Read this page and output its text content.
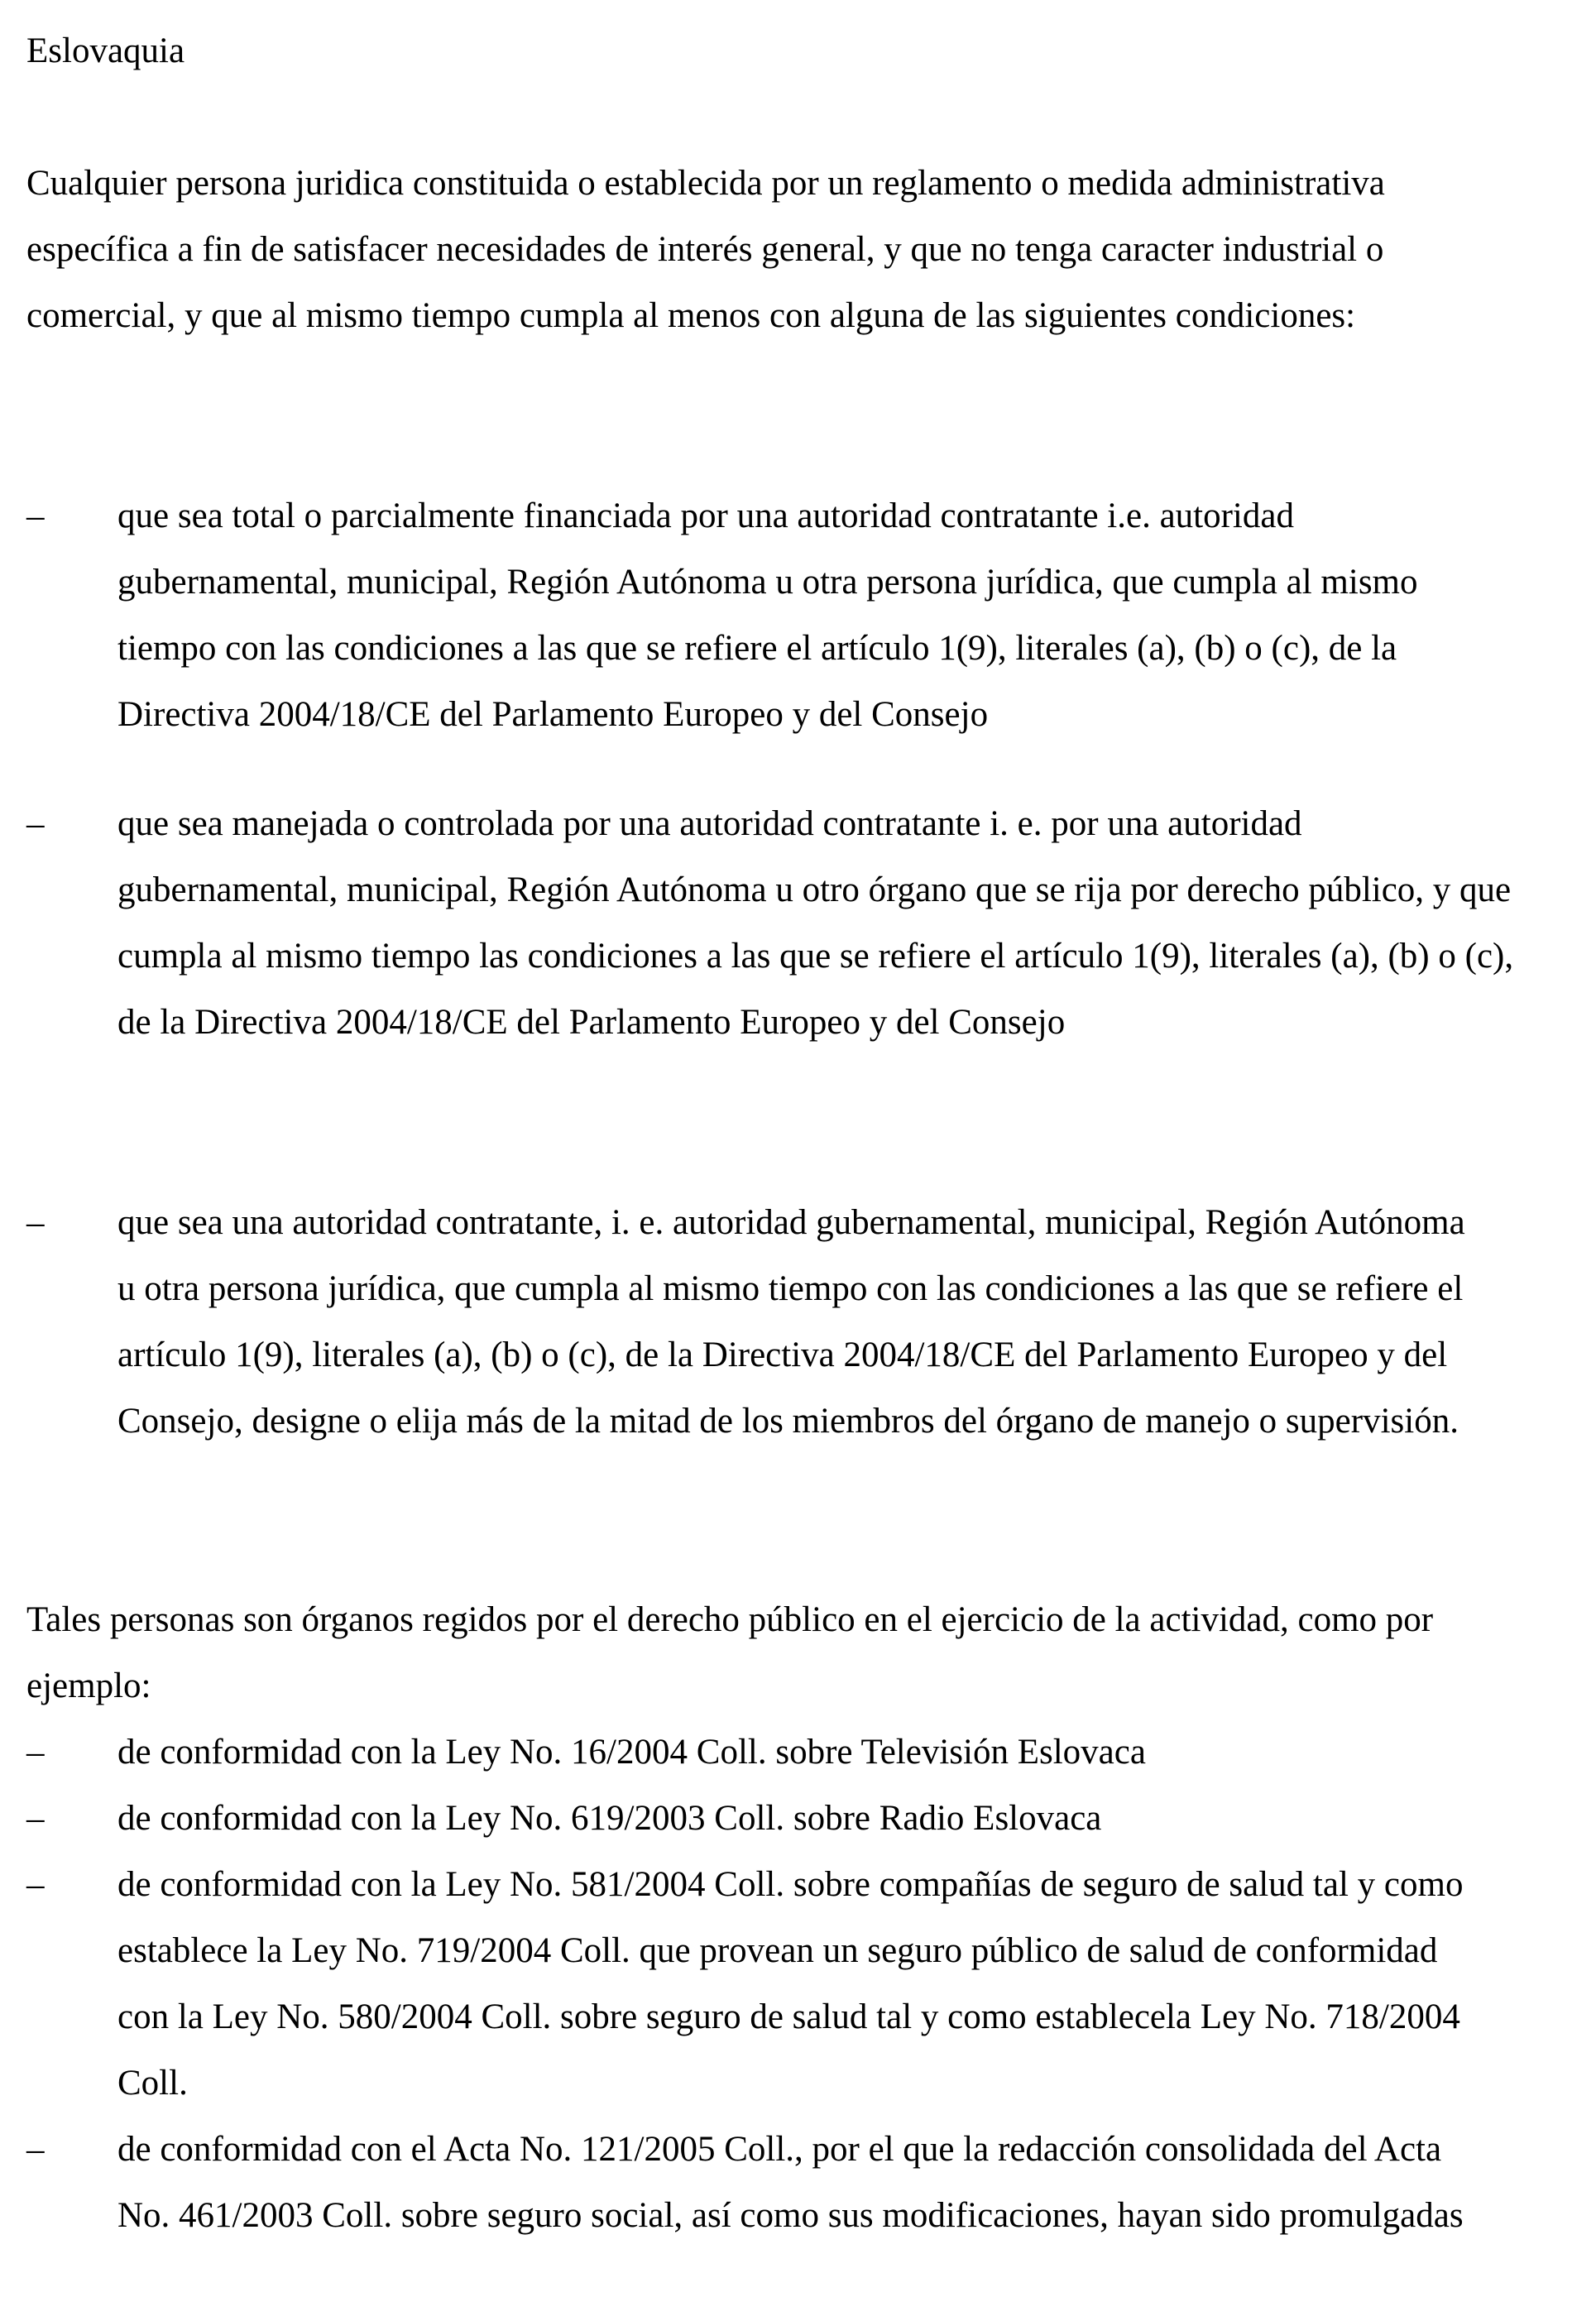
Eslovaquia

Cualquier persona juridica constituida o establecida por un reglamento o medida administrativa específica a fin de satisfacer necesidades de interés general, y que no tenga caracter industrial o comercial, y que al mismo tiempo cumpla al menos con alguna de las siguientes condiciones:

– que sea total o parcialmente financiada por una autoridad contratante i.e. autoridad gubernamental, municipal, Región Autónoma u otra persona jurídica, que cumpla al mismo tiempo con las condiciones a las que se refiere el artículo 1(9), literales (a), (b) o (c), de la Directiva 2004/18/CE del Parlamento Europeo y del Consejo

– que sea manejada o controlada por una autoridad contratante i. e. por una autoridad gubernamental, municipal, Región Autónoma u otro órgano que se rija por derecho público, y que cumpla al mismo tiempo las condiciones a las que se refiere el artículo 1(9), literales (a), (b) o (c), de la Directiva 2004/18/CE del Parlamento Europeo y del Consejo

– que sea una autoridad contratante, i. e. autoridad gubernamental, municipal, Región Autónoma u otra persona jurídica, que cumpla al mismo tiempo con las condiciones a las que se refiere el artículo 1(9), literales (a), (b) o (c), de la Directiva 2004/18/CE del Parlamento Europeo y del Consejo, designe o elija más de la mitad de los miembros del órgano de manejo o supervisión.

Tales personas son órganos regidos por el derecho público en el ejercicio de la actividad, como por ejemplo:

– de conformidad con la Ley No. 16/2004 Coll. sobre Televisión Eslovaca

– de conformidad con la Ley No. 619/2003 Coll. sobre Radio Eslovaca

– de conformidad con la Ley No. 581/2004 Coll. sobre compañías de seguro de salud tal y como establece la Ley No. 719/2004 Coll. que provean un seguro público de salud de conformidad con la Ley No. 580/2004 Coll. sobre seguro de salud tal y como establecela Ley No. 718/2004 Coll.

– de conformidad con el Acta No. 121/2005 Coll., por el que la redacción consolidada del Acta No. 461/2003 Coll. sobre seguro social, así como sus modificaciones, hayan sido promulgadas
